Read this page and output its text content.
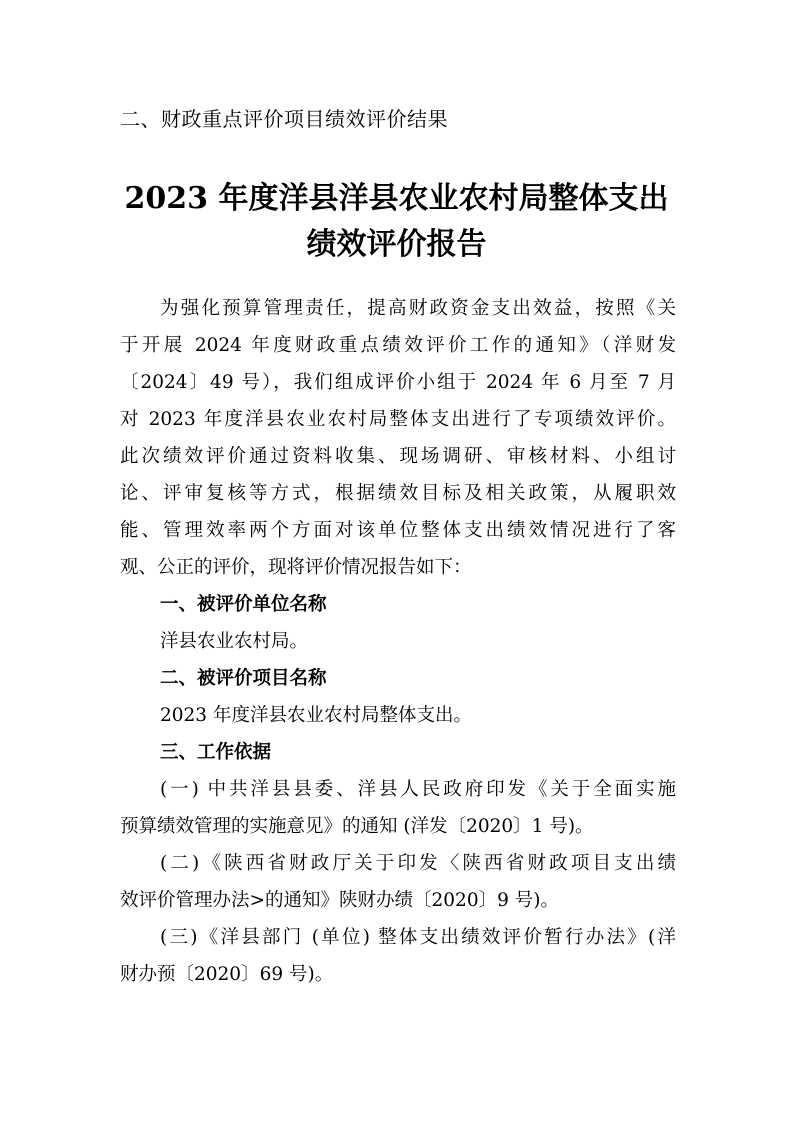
二、财政重点评价项目绩效评价结果
2023 年度洋县洋县农业农村局整体支出
绩效评价报告
为强化预算管理责任，提高财政资金支出效益，按照《关
于开展 2024 年度财政重点绩效评价工作的通知》（洋财发
〔2024〕49 号），我们组成评价小组于 2024 年 6 月至 7 月
对 2023 年度洋县农业农村局整体支出进行了专项绩效评价。
此次绩效评价通过资料收集、现场调研、审核材料、小组讨
论、评审复核等方式，根据绩效目标及相关政策，从履职效
能、管理效率两个方面对该单位整体支出绩效情况进行了客
观、公正的评价，现将评价情况报告如下：
一、被评价单位名称
洋县农业农村局。
二、被评价项目名称
2023 年度洋县农业农村局整体支出。
三、工作依据
(一) 中共洋县县委、洋县人民政府印发《关于全面实施
预算绩效管理的实施意见》的通知 (洋发〔2020〕1 号)。
(二)《陕西省财政厅关于印发〈陕西省财政项目支出绩
效评价管理办法>的通知》陕财办绩〔2020〕9 号)。
(三)《洋县部门 (单位) 整体支出绩效评价暂行办法》(洋
财办预〔2020〕69 号)。
